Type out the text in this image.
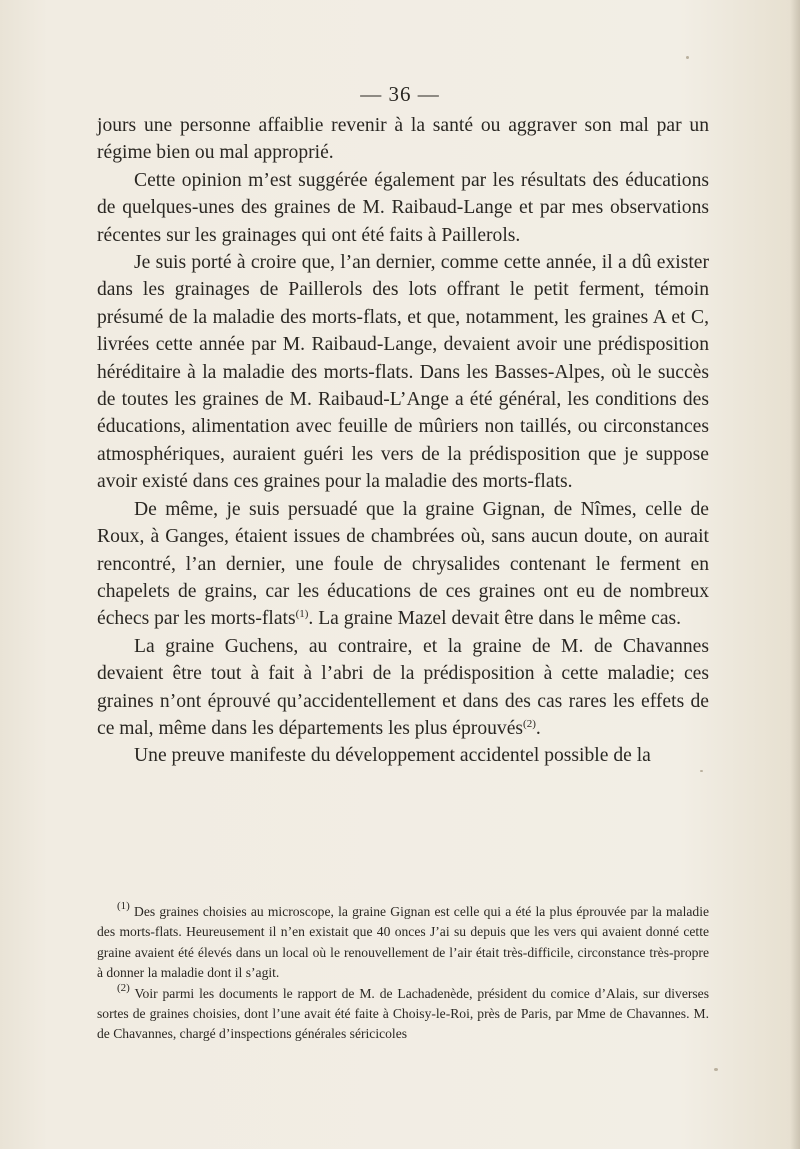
— 36 —

jours une personne affaiblie revenir à la santé ou aggraver son mal par un régime bien ou mal approprié.

Cette opinion m’est suggérée également par les résultats des éducations de quelques-unes des graines de M. Raibaud-Lange et par mes observations récentes sur les grainages qui ont été faits à Paillerols.

Je suis porté à croire que, l’an dernier, comme cette année, il a dû exister dans les grainages de Paillerols des lots offrant le petit ferment, témoin présumé de la maladie des morts-flats, et que, notamment, les graines A et C, livrées cette année par M. Raibaud-Lange, devaient avoir une prédisposition héréditaire à la maladie des morts-flats. Dans les Basses-Alpes, où le succès de toutes les graines de M. Raibaud-L’Ange a été général, les conditions des éducations, alimentation avec feuille de mûriers non taillés, ou circonstances atmosphériques, auraient guéri les vers de la prédisposition que je suppose avoir existé dans ces graines pour la maladie des morts-flats.

De même, je suis persuadé que la graine Gignan, de Nîmes, celle de Roux, à Ganges, étaient issues de chambrées où, sans aucun doute, on aurait rencontré, l’an dernier, une foule de chrysalides contenant le ferment en chapelets de grains, car les éducations de ces graines ont eu de nombreux échecs par les morts-flats$^{(1)}$. La graine Mazel devait être dans le même cas.

La graine Guchens, au contraire, et la graine de M. de Chavannes devaient être tout à fait à l’abri de la prédisposition à cette maladie; ces graines n’ont éprouvé qu’accidentellement et dans des cas rares les effets de ce mal, même dans les départements les plus éprouvés$^{(2)}$.

Une preuve manifeste du développement accidentel possible de la

$^{(1)}$ Des graines choisies au microscope, la graine Gignan est celle qui a été la plus éprouvée par la maladie des morts-flats. Heureusement il n’en existait que 40 onces J’ai su depuis que les vers qui avaient donné cette graine avaient été élevés dans un local où le renouvellement de l’air était très-difficile, circonstance très-propre à donner la maladie dont il s’agit.

$^{(2)}$ Voir parmi les documents le rapport de M. de Lachadenède, président du comice d’Alais, sur diverses sortes de graines choisies, dont l’une avait été faite à Choisy-le-Roi, près de Paris, par Mme de Chavannes. M. de Chavannes, chargé d’inspections générales séricicoles
